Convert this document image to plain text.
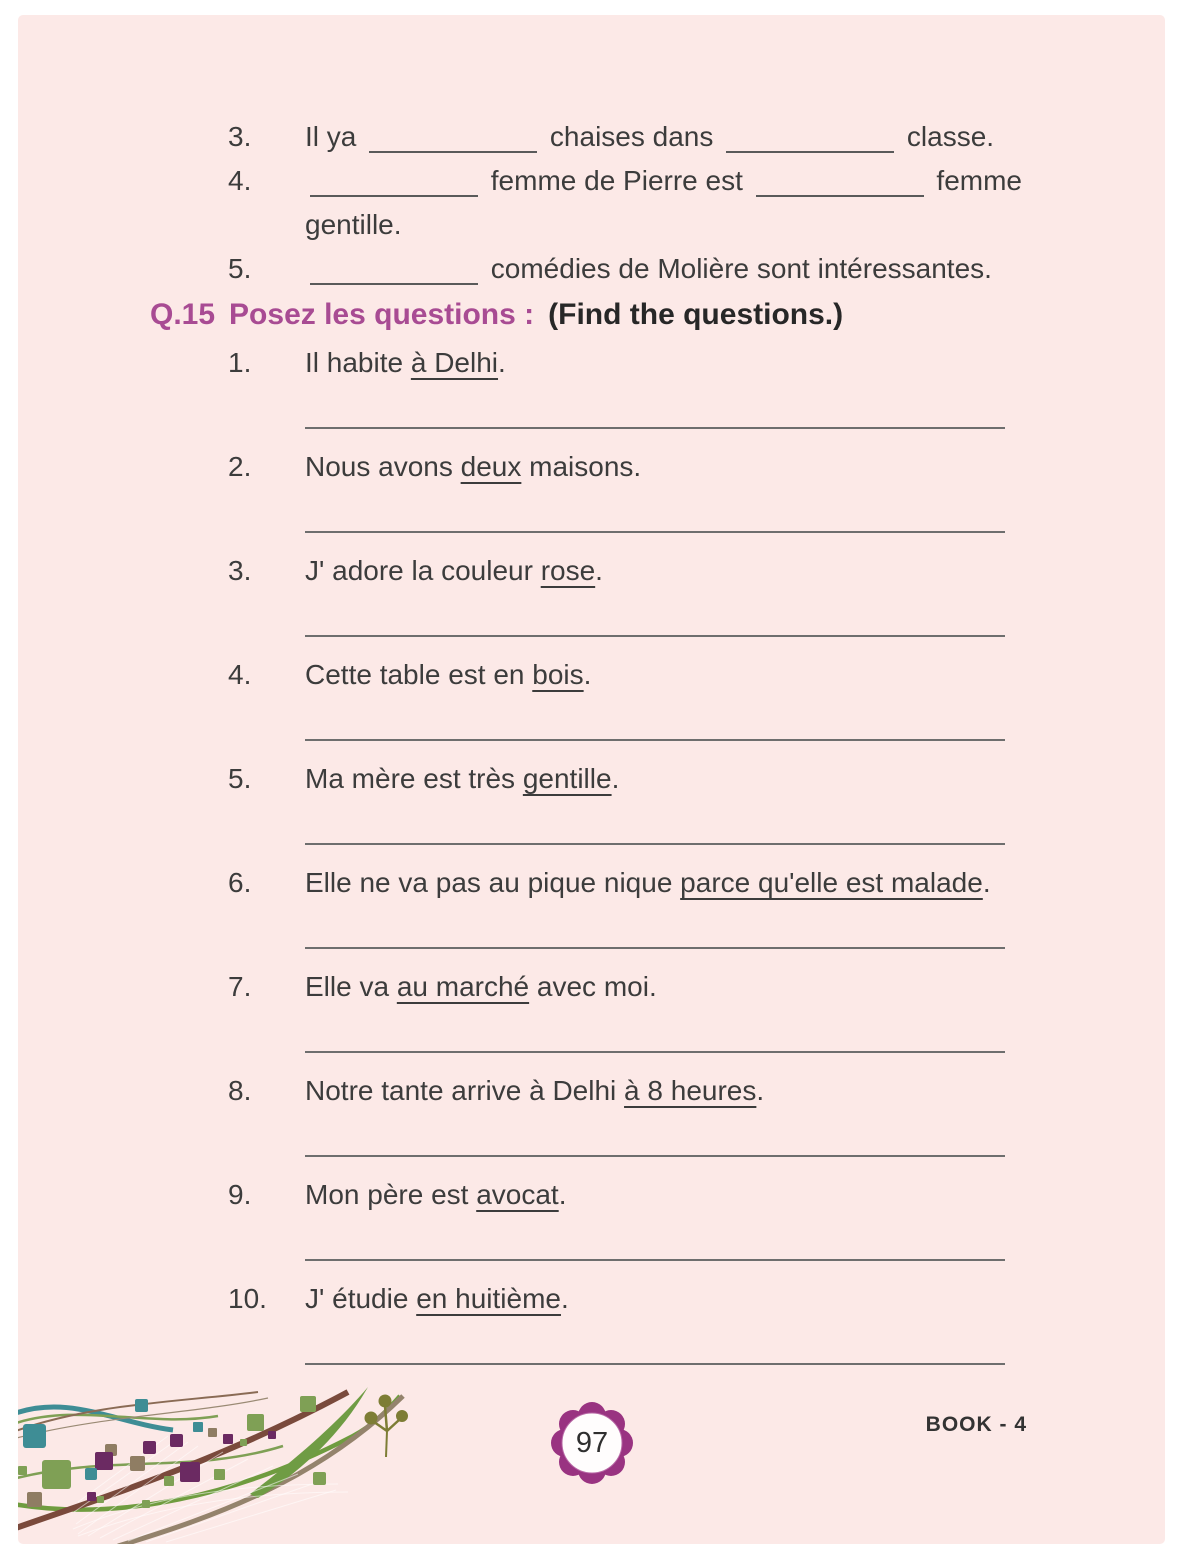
3.	Il ya	chaises dans	classe.
4.	femme de Pierre est	femme gentille.
5.	comédies de Molière sont intéressantes.
Q.15 Posez les questions : (Find the questions.)
1.	Il habite à Delhi.
2.	Nous avons deux maisons.
3.	J' adore la couleur rose.
4.	Cette table est en bois.
5.	Ma mère est très gentille.
6.	Elle ne va pas au pique nique parce qu'elle est malade.
7.	Elle va au marché avec moi.
8.	Notre tante arrive à Delhi à 8 heures.
9.	Mon père est avocat.
10.	J' étudie en huitième.
97
BOOK - 4
